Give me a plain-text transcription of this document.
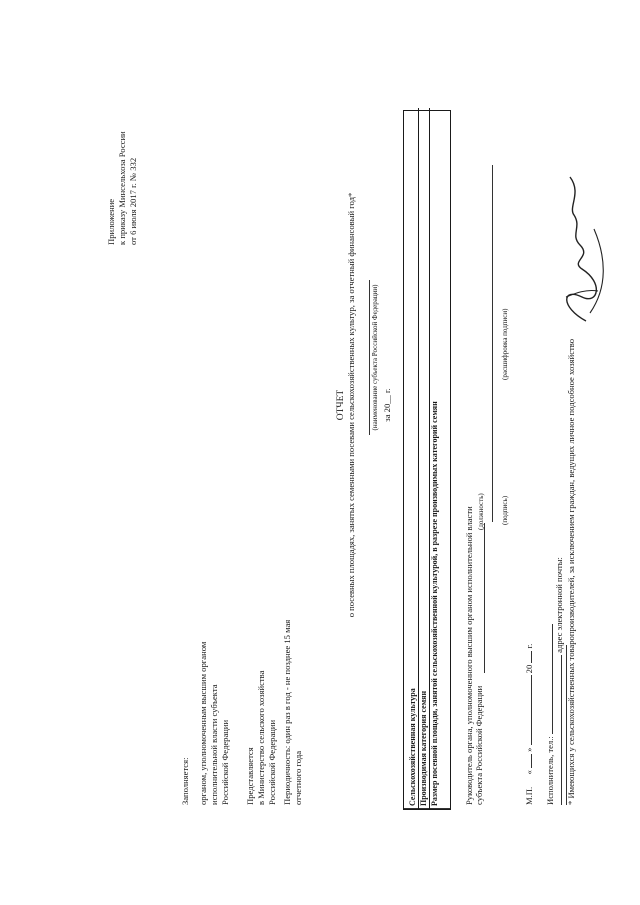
Приложение к приказу Минсельхоза России от 6 июля 2017 г. № 332
Заполняется: органом, уполномоченным высшим органом исполнительной власти субъекта Российской Федерации Представляется в Министерство сельского хозяйства Российской Федерации Периодичность: один раз в год - не позднее 15 мая отчетного года
ОТЧЕТ о посевных площадях, занятых семенными посевами сельскохозяйственных культур, за отчетный финансовый год* (наименование субъекта Российской Федерации) за 20__ г.
Сельскохозяйственная культура Производимая категория семян Размер посевной площади, занятой сельскохозяйственной культурой, в разрезе производимых категорий семян	Руководитель органа, уполномоченного высшим органом исполнительной власти субъекта Российской Федерации
(должность) (подпись)
(расшифровка подписи)
М.П.  «  »  20  г.
Исполнитель, тел.:
адрес электронной почты: * Имеющихся у сельскохозяйственных товаропроизводителей, за исключением граждан, ведущих личное подсобное хозяйство
